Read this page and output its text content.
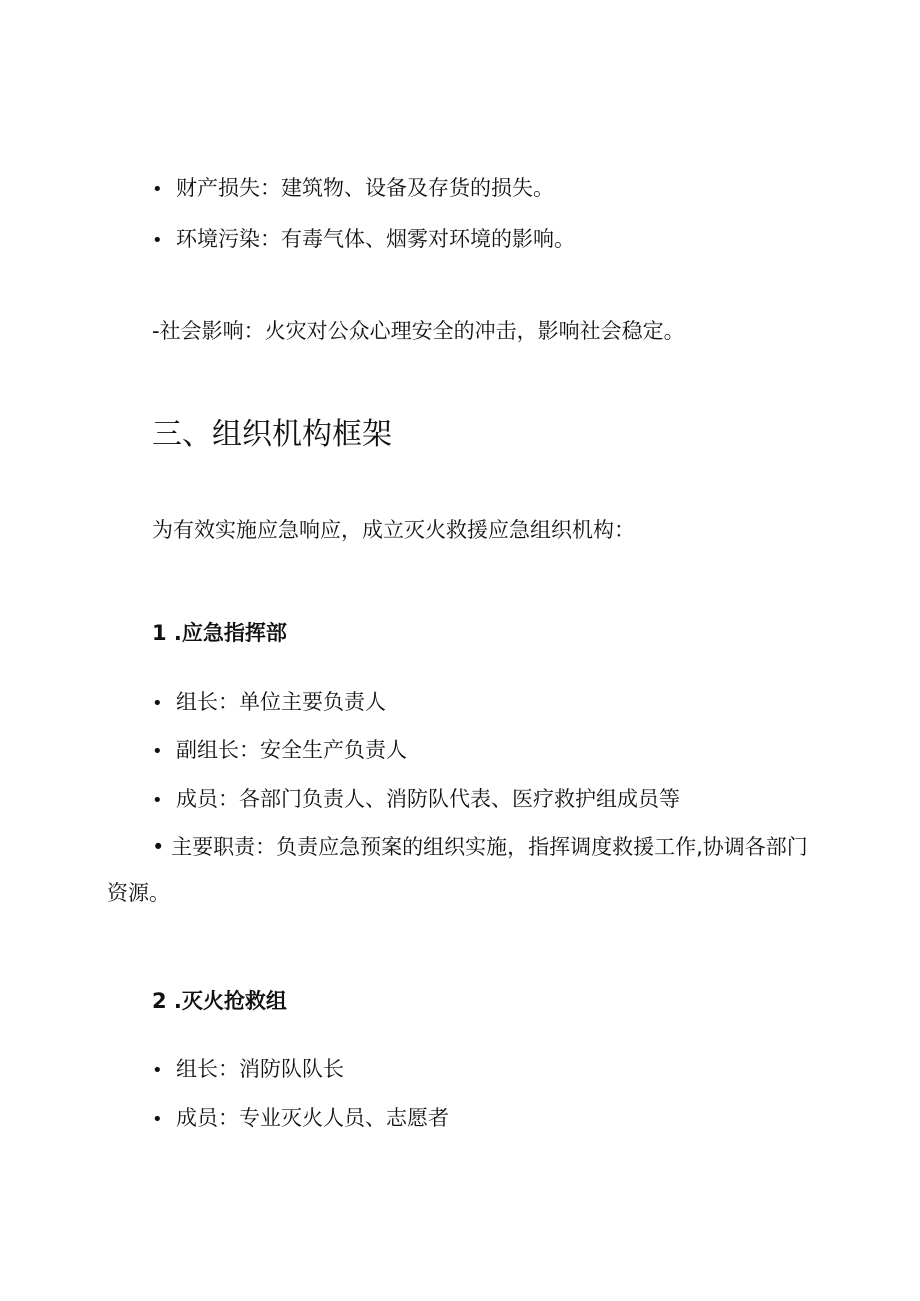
• 财产损失：建筑物、设备及存货的损失。
• 环境污染：有毒气体、烟雾对环境的影响。
-社会影响：火灾对公众心理安全的冲击，影响社会稳定。
三、组织机构框架
为有效实施应急响应，成立灭火救援应急组织机构：
1 .应急指挥部
• 组长：单位主要负责人
• 副组长：安全生产负责人
• 成员：各部门负责人、消防队代表、医疗救护组成员等
• 主要职责：负责应急预案的组织实施，指挥调度救援工作,协调各部门资源。
2 .灭火抢救组
• 组长：消防队队长
• 成员：专业灭火人员、志愿者
